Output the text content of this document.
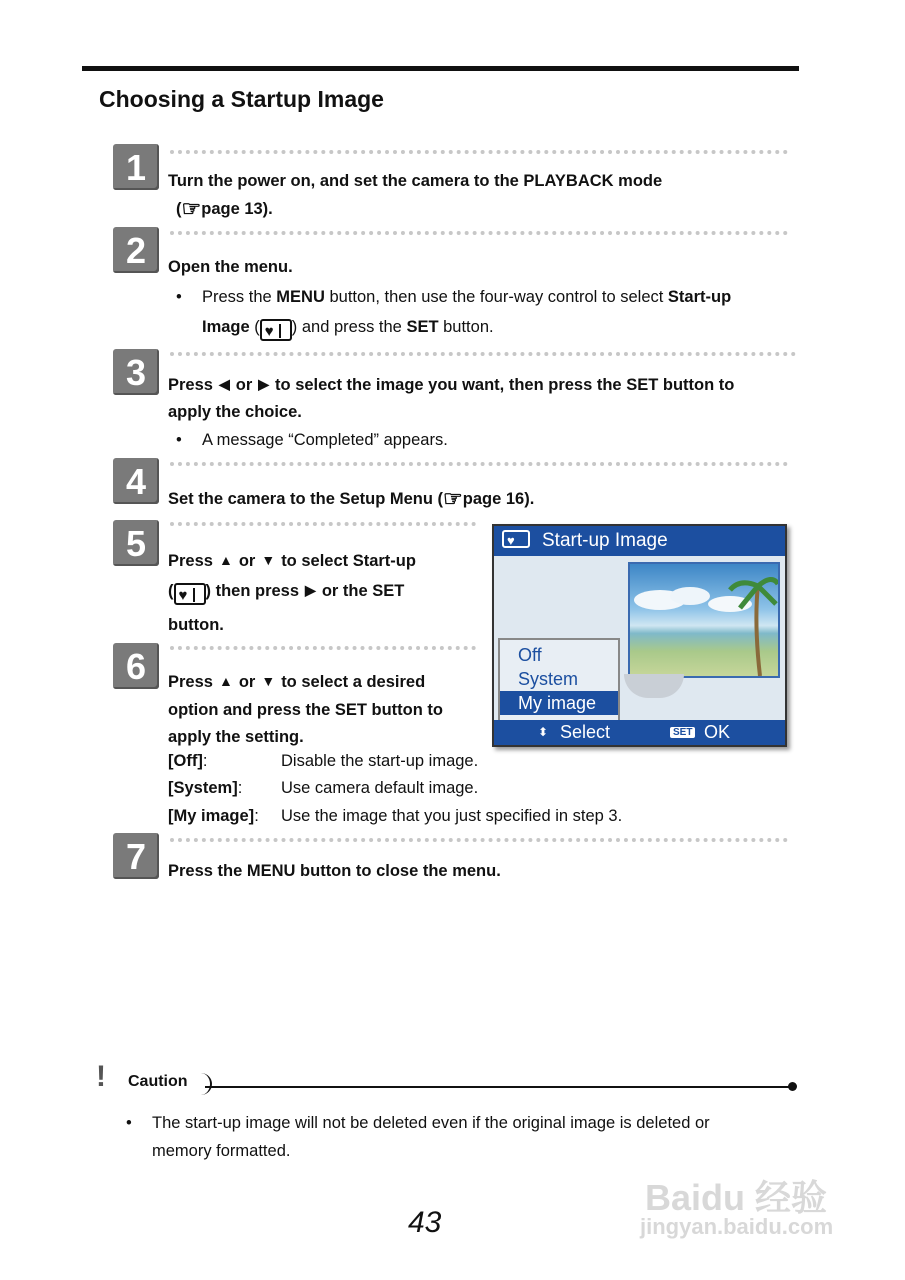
Choosing a Startup Image
1	Turn the power on, and set the camera to the PLAYBACK mode
(☞page 13).
2	Open the menu.
• Press the MENU button, then use the four-way control to select Start-up
Image ( ♥ ) and press the SET button.
3	Press ◀ or ▶ to select the image you want, then press the SET button to
apply the choice.
• A message “Completed” appears.
4	Set the camera to the Setup Menu (☞page 16).
5	Press ▲ or ▼ to select Start-up
( ♥ ) then press ▶ or the SET
button.
6	Press ▲ or ▼ to select a desired
option and press the SET button to
apply the setting.
[Off]:	Disable the start-up image.
[System]: Use camera default image.
[My image]: Use the image that you just specified in step 3.
7	Press the MENU button to close the menu.
♥	Start-up Image
Off
System
My image
⬍ Select	SET OK
! Caution
• The start-up image will not be deleted even if the original image is deleted or
memory formatted.
43
Baidu 经验
jingyan.baidu.com
